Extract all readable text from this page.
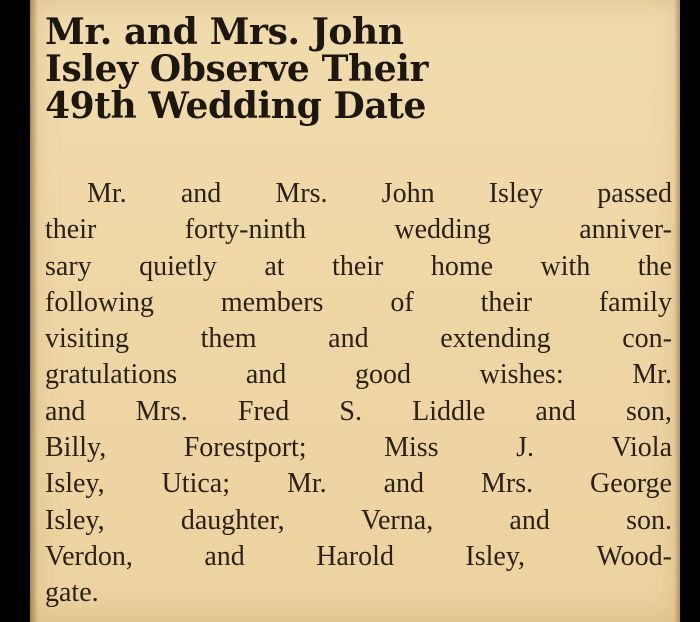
Mr. and Mrs. John
Isley Observe Their
49th Wedding Date
Mr. and Mrs. John Isley passed
their	forty-ninth	wedding	anniver-
sary quietly at their home with the
following members of their family
visiting	them	and	extending	con-
gratulations and good wishes: Mr.
and Mrs. Fred S. Liddle and son,
Billy,	Forestport;	Miss	J.	Viola
Isley, Utica; Mr. and Mrs. George
Isley,	daughter,	Verna,	and	son.
Verdon,	and	Harold	Isley,	Wood-
gate.
